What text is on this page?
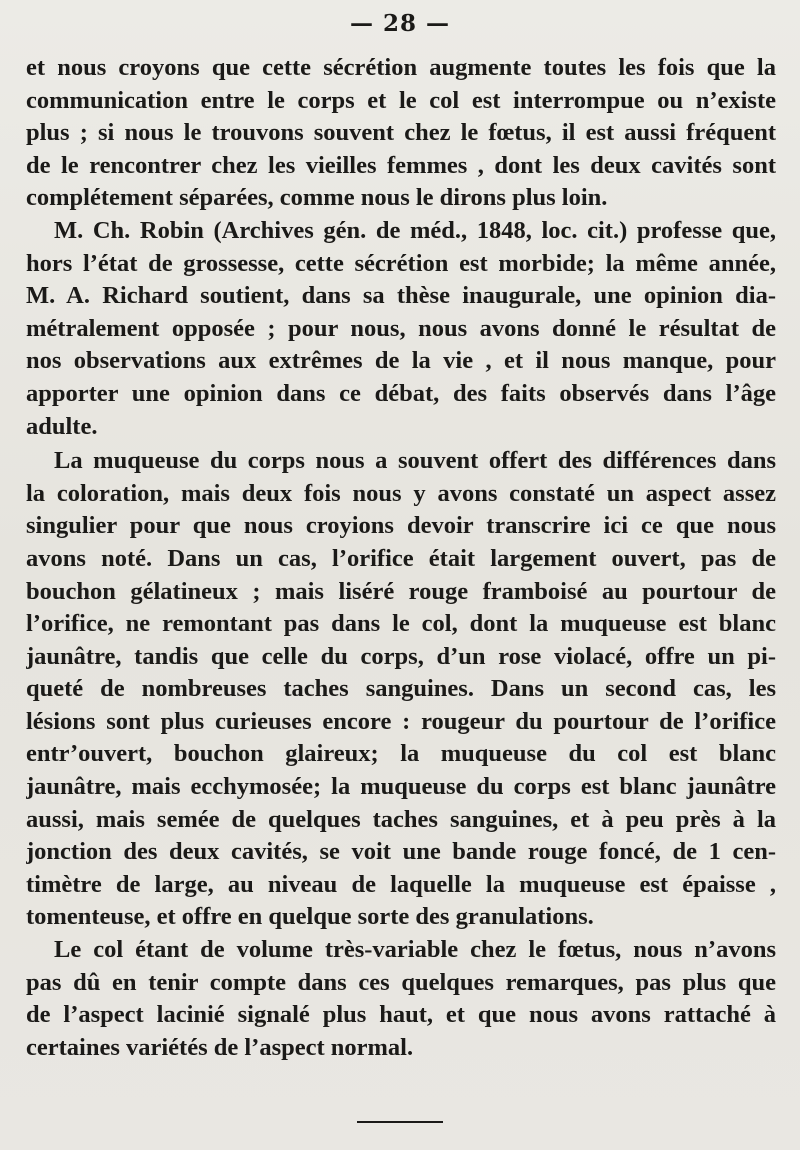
— 28 —
et nous croyons que cette sécrétion augmente toutes les fois que la
communication entre le corps et le col est interrompue ou n’existe
plus ; si nous le trouvons souvent chez le fœtus, il est aussi fréquent
de le rencontrer chez les vieilles femmes , dont les deux cavités sont
complétement séparées, comme nous le dirons plus loin.
M. Ch. Robin (Archives gén. de méd., 1848, loc. cit.) professe que,
hors l’état de grossesse, cette sécrétion est morbide; la même année,
M. A. Richard soutient, dans sa thèse inaugurale, une opinion dia-
métralement opposée ; pour nous, nous avons donné le résultat de
nos observations aux extrêmes de la vie , et il nous manque, pour
apporter une opinion dans ce débat, des faits observés dans l’âge
adulte.
La muqueuse du corps nous a souvent offert des différences dans
la coloration, mais deux fois nous y avons constaté un aspect assez
singulier pour que nous croyions devoir transcrire ici ce que nous
avons noté. Dans un cas, l’orifice était largement ouvert, pas de
bouchon gélatineux ; mais liséré rouge framboisé au pourtour de
l’orifice, ne remontant pas dans le col, dont la muqueuse est blanc
jaunâtre, tandis que celle du corps, d’un rose violacé, offre un pi-
queté de nombreuses taches sanguines. Dans un second cas, les
lésions sont plus curieuses encore : rougeur du pourtour de l’orifice
entr’ouvert, bouchon glaireux; la muqueuse du col est blanc
jaunâtre, mais ecchymosée; la muqueuse du corps est blanc jaunâtre
aussi, mais semée de quelques taches sanguines, et à peu près à la
jonction des deux cavités, se voit une bande rouge foncé, de 1 cen-
timètre de large, au niveau de laquelle la muqueuse est épaisse ,
tomenteuse, et offre en quelque sorte des granulations.
Le col étant de volume très-variable chez le fœtus, nous n’avons
pas dû en tenir compte dans ces quelques remarques, pas plus que
de l’aspect lacinié signalé plus haut, et que nous avons rattaché à
certaines variétés de l’aspect normal.
